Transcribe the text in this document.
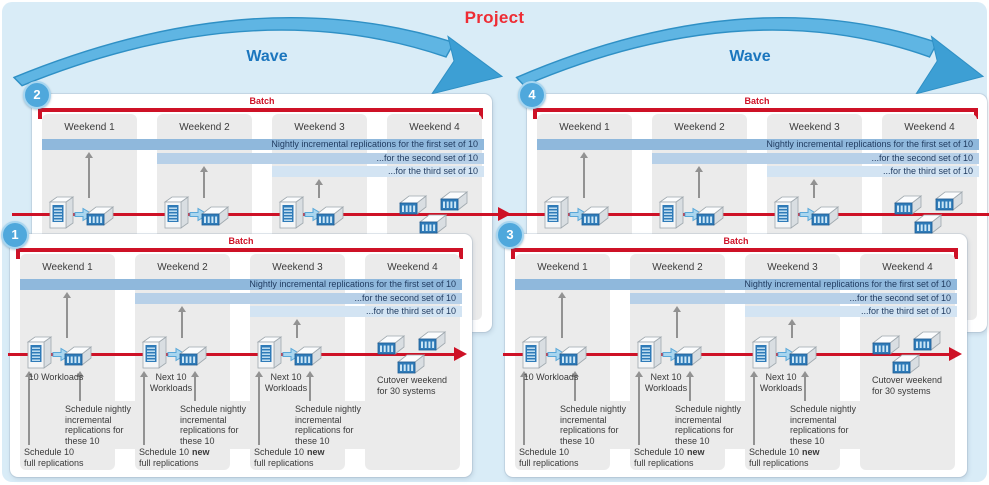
Project
Wave	Wave
2	Batch
Weekend 1	Weekend 2	Weekend 3	Weekend 4
Nightly incremental replications for the first set of 10
...for the second set of 10
...for the third set of 10
4	Batch
Weekend 1	Weekend 2	Weekend 3	Weekend 4
Nightly incremental replications for the first set of 10
...for the second set of 10
...for the third set of 10
1	Batch
Weekend 1	Weekend 2	Weekend 3	Weekend 4
Nightly incremental replications for the first set of 10
...for the second set of 10
...for the third set of 10
10 Workloads	Next 10 Workloads
Next 10 Workloads
Schedule nightly incremental replications for these 10
Schedule nightly incremental replications for these 10
Schedule nightly incremental replications for these 10
Schedule 10
full replications
Schedule 10 new
full replications
Schedule 10 new
full replications
Cutover weekend for 30 systems
3	Batch
Weekend 1	Weekend 2	Weekend 3	Weekend 4
Nightly incremental replications for the first set of 10
...for the second set of 10
...for the third set of 10
10 Workloads	Next 10 Workloads
Next 10 Workloads
Schedule nightly incremental replications for these 10
Schedule nightly incremental replications for these 10
Schedule nightly incremental replications for these 10
Schedule 10
full replications
Schedule 10 new
full replications
Schedule 10 new
full replications
Cutover weekend for 30 systems
